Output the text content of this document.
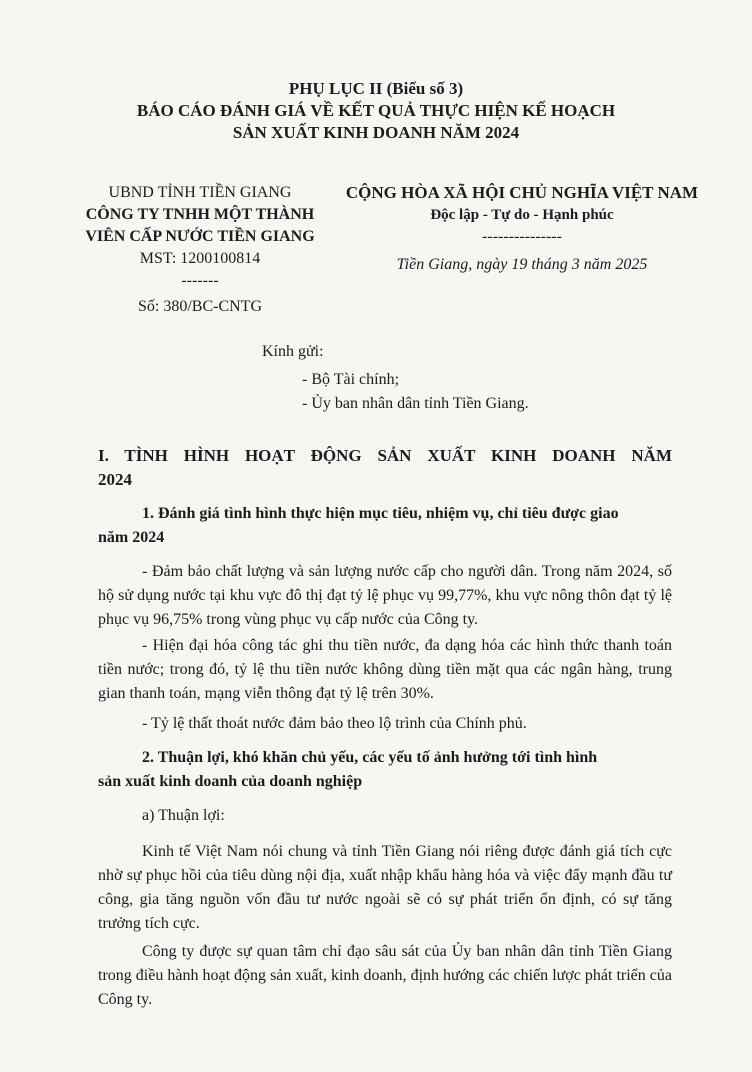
PHỤ LỤC II (Biểu số 3)
BÁO CÁO ĐÁNH GIÁ VỀ KẾT QUẢ THỰC HIỆN KẾ HOẠCH
SẢN XUẤT KINH DOANH NĂM 2024
UBND TỈNH TIỀN GIANG
CÔNG TY TNHH MỘT THÀNH
VIÊN CẤP NƯỚC TIỀN GIANG
MST: 1200100814
-------
Số: 380/BC-CNTG
CỘNG HÒA XÃ HỘI CHỦ NGHĨA VIỆT NAM
Độc lập - Tự do - Hạnh phúc
---------------
Tiền Giang, ngày 19 tháng 3 năm 2025
Kính gửi:
- Bộ Tài chính;
- Ủy ban nhân dân tỉnh Tiền Giang.
I. TÌNH HÌNH HOẠT ĐỘNG SẢN XUẤT KINH DOANH NĂM
2024
1. Đánh giá tình hình thực hiện mục tiêu, nhiệm vụ, chỉ tiêu được giao
năm 2024
- Đảm bảo chất lượng và sản lượng nước cấp cho người dân. Trong năm 2024, số hộ sử dụng nước tại khu vực đô thị đạt tỷ lệ phục vụ 99,77%, khu vực nông thôn đạt tỷ lệ phục vụ 96,75% trong vùng phục vụ cấp nước của Công ty.
- Hiện đại hóa công tác ghi thu tiền nước, đa dạng hóa các hình thức thanh toán tiền nước; trong đó, tỷ lệ thu tiền nước không dùng tiền mặt qua các ngân hàng, trung gian thanh toán, mạng viễn thông đạt tỷ lệ trên 30%.
- Tỷ lệ thất thoát nước đảm bảo theo lộ trình của Chính phủ.
2. Thuận lợi, khó khăn chủ yếu, các yếu tố ảnh hưởng tới tình hình
sản xuất kinh doanh của doanh nghiệp
a) Thuận lợi:
Kinh tế Việt Nam nói chung và tỉnh Tiền Giang nói riêng được đánh giá tích cực nhờ sự phục hồi của tiêu dùng nội địa, xuất nhập khẩu hàng hóa và việc đẩy mạnh đầu tư công, gia tăng nguồn vốn đầu tư nước ngoài sẽ có sự phát triển ổn định, có sự tăng trưởng tích cực.
Công ty được sự quan tâm chỉ đạo sâu sát của Ủy ban nhân dân tỉnh Tiền Giang trong điều hành hoạt động sản xuất, kinh doanh, định hướng các chiến lược phát triển của Công ty.
